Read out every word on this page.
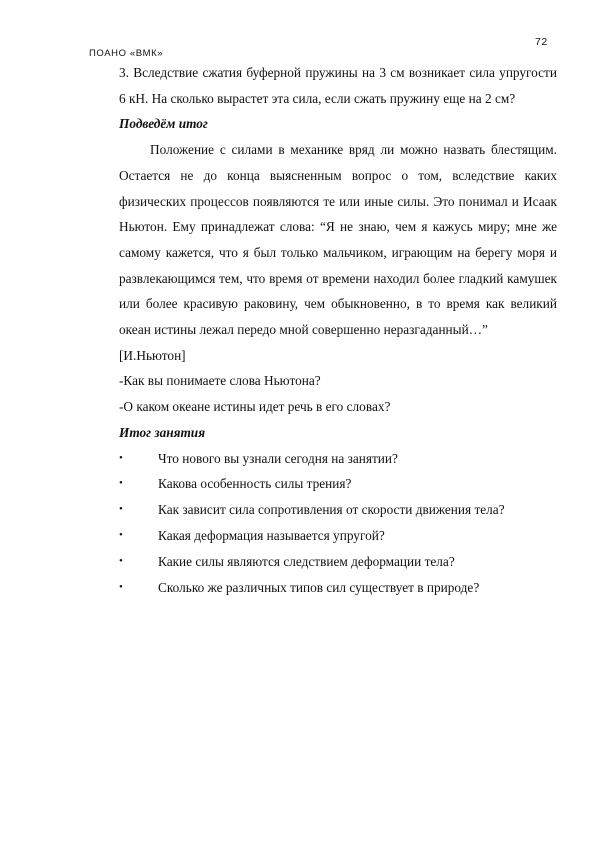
72
ПОАНО «ВМК»

3. Вследствие сжатия буферной пружины на 3 см возникает сила упругости 6 кН. На сколько вырастет эта сила, если сжать пружину еще на 2 см?

Подведём итог

Положение с силами в механике вряд ли можно назвать блестящим. Остается не до конца выясненным вопрос о том, вследствие каких физических процессов появляются те или иные силы. Это понимал и Исаак Ньютон. Ему принадлежат слова: “Я не знаю, чем я кажусь миру; мне же самому кажется, что я был только мальчиком, играющим на берегу моря и развлекающимся тем, что время от времени находил более гладкий камушек или более красивую раковину, чем обыкновенно, в то время как великий океан истины лежал передо мной совершенно неразгаданный…”

[И.Ньютон]

-Как вы понимаете слова Ньютона?

-О каком океане истины идет речь в его словах?

Итог занятия

•	Что нового вы узнали сегодня на занятии?
•	Какова особенность силы трения?
•	Как зависит сила сопротивления от скорости движения тела?
•	Какая деформация называется упругой?
•	Какие силы являются следствием деформации тела?
•	Сколько же различных типов сил существует в природе?
